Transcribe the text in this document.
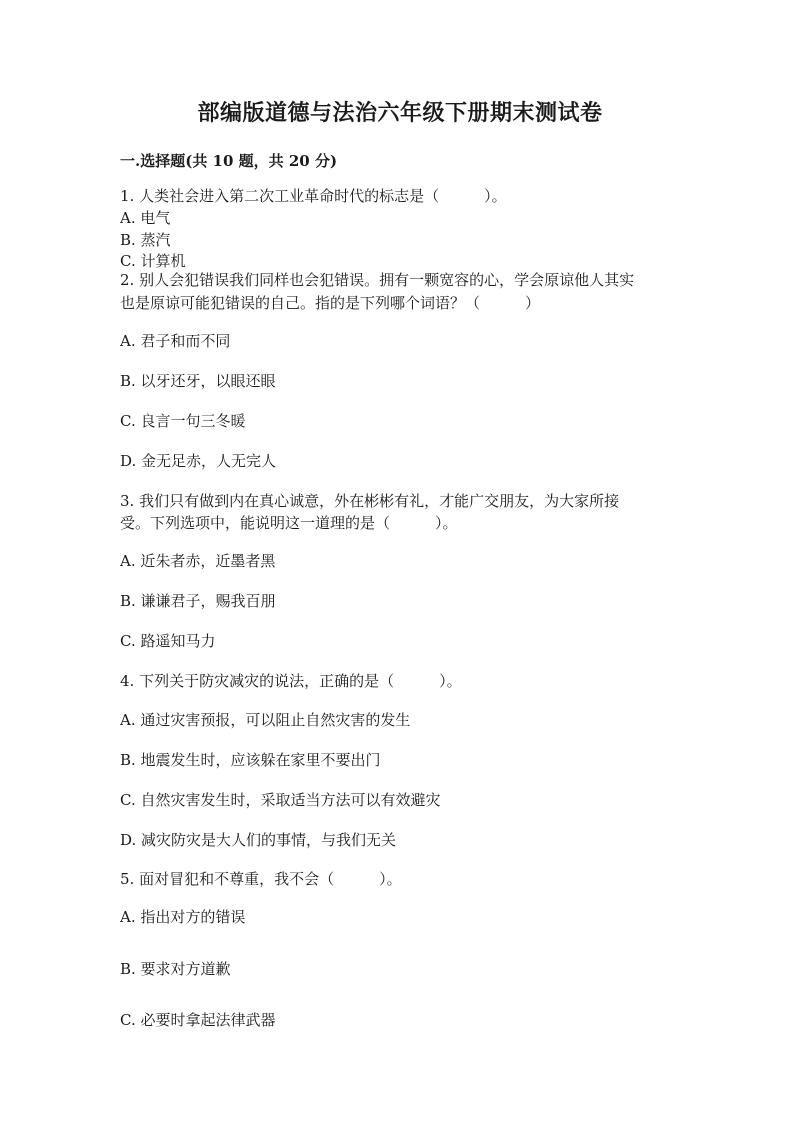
部编版道德与法治六年级下册期末测试卷
一.选择题(共 10 题，共 20 分)
1. 人类社会进入第二次工业革命时代的标志是（　　　）。
A. 电气
B. 蒸汽
C. 计算机
2. 别人会犯错误我们同样也会犯错误。拥有一颗宽容的心，学会原谅他人其实
也是原谅可能犯错误的自己。指的是下列哪个词语？（　　　）
A. 君子和而不同
B. 以牙还牙，以眼还眼
C. 良言一句三冬暖
D. 金无足赤，人无完人
3. 我们只有做到内在真心诚意，外在彬彬有礼，才能广交朋友，为大家所接
受。下列选项中，能说明这一道理的是（　　　）。
A. 近朱者赤，近墨者黑
B. 谦谦君子，赐我百朋
C. 路遥知马力
4. 下列关于防灾减灾的说法，正确的是（　　　）。
A. 通过灾害预报，可以阻止自然灾害的发生
B. 地震发生时，应该躲在家里不要出门
C. 自然灾害发生时，采取适当方法可以有效避灾
D. 减灾防灾是大人们的事情，与我们无关
5. 面对冒犯和不尊重，我不会（　　　）。
A. 指出对方的错误
B. 要求对方道歉
C. 必要时拿起法律武器
